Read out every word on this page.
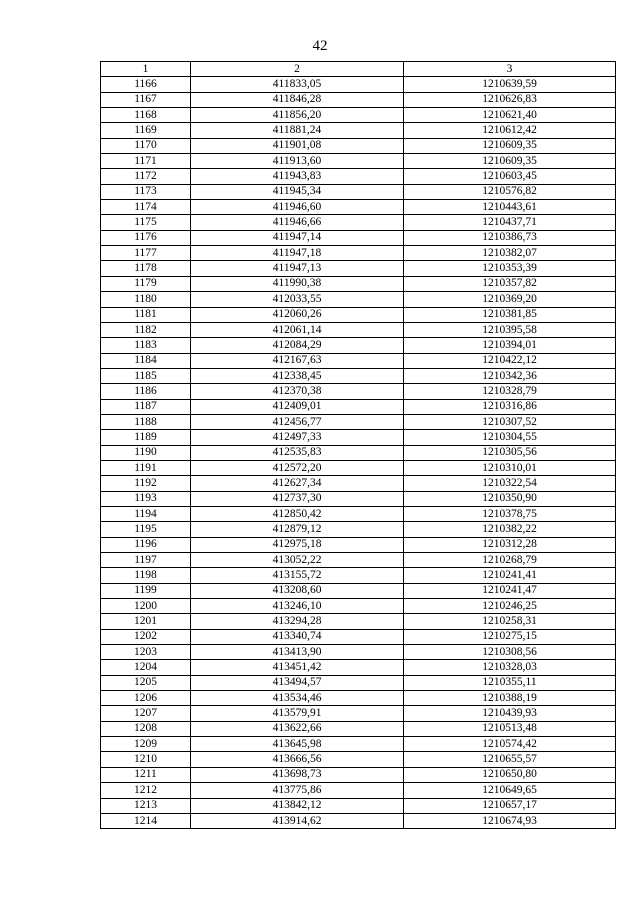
42
1	2	3
1166	411833,05	1210639,59
1167	411846,28	1210626,83
1168	411856,20	1210621,40
1169	411881,24	1210612,42
1170	411901,08	1210609,35
1171	411913,60	1210609,35
1172	411943,83	1210603,45
1173	411945,34	1210576,82
1174	411946,60	1210443,61
1175	411946,66	1210437,71
1176	411947,14	1210386,73
1177	411947,18	1210382,07
1178	411947,13	1210353,39
1179	411990,38	1210357,82
1180	412033,55	1210369,20
1181	412060,26	1210381,85
1182	412061,14	1210395,58
1183	412084,29	1210394,01
1184	412167,63	1210422,12
1185	412338,45	1210342,36
1186	412370,38	1210328,79
1187	412409,01	1210316,86
1188	412456,77	1210307,52
1189	412497,33	1210304,55
1190	412535,83	1210305,56
1191	412572,20	1210310,01
1192	412627,34	1210322,54
1193	412737,30	1210350,90
1194	412850,42	1210378,75
1195	412879,12	1210382,22
1196	412975,18	1210312,28
1197	413052,22	1210268,79
1198	413155,72	1210241,41
1199	413208,60	1210241,47
1200	413246,10	1210246,25
1201	413294,28	1210258,31
1202	413340,74	1210275,15
1203	413413,90	1210308,56
1204	413451,42	1210328,03
1205	413494,57	1210355,11
1206	413534,46	1210388,19
1207	413579,91	1210439,93
1208	413622,66	1210513,48
1209	413645,98	1210574,42
1210	413666,56	1210655,57
1211	413698,73	1210650,80
1212	413775,86	1210649,65
1213	413842,12	1210657,17
1214	413914,62	1210674,93
